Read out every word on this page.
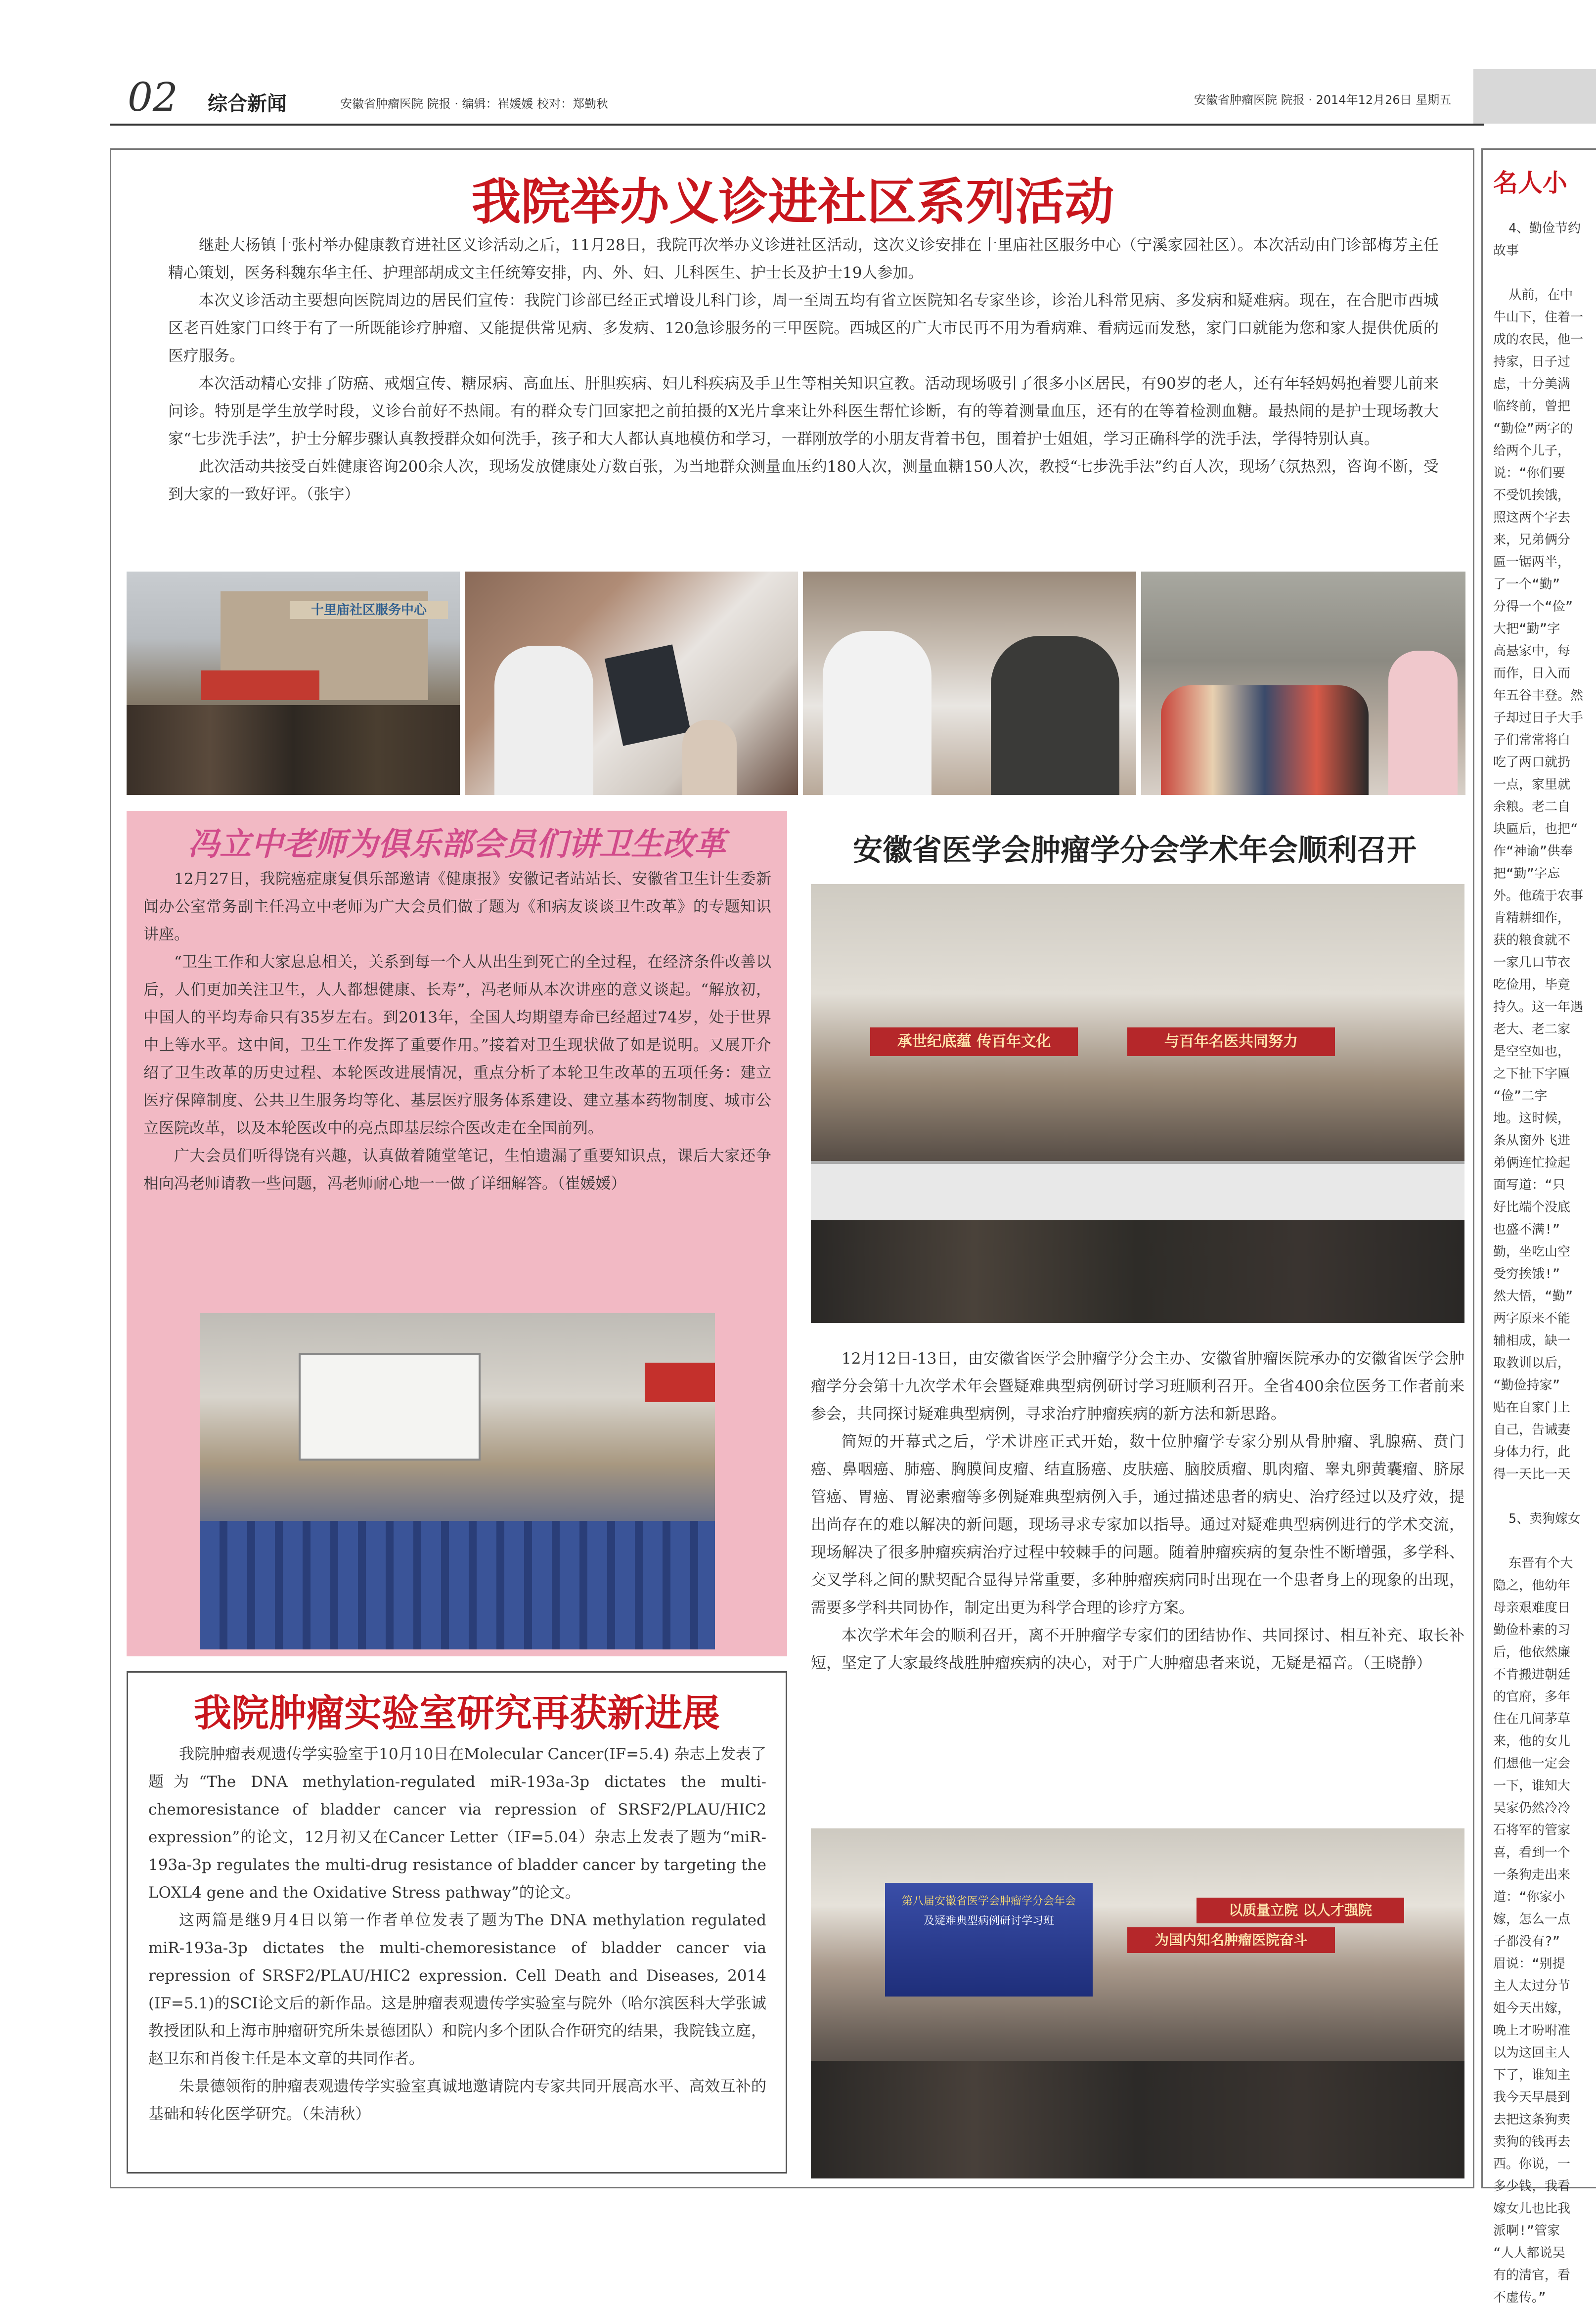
02 综合新闻	安徽省肿瘤医院 院报 · 编辑：崔媛媛 校对：郑勤秋	安徽省肿瘤医院 院报 · 2014年12月26日 星期五
我院举办义诊进社区系列活动

继赴大杨镇十张村举办健康教育进社区义诊活动之后，11月28日，我院再次举办义诊进社区活动，这次义诊安排在十里庙社区服务中心（宁溪家园社区）。本次活动由门诊部梅芳主任精心策划，医务科魏东华主任、护理部胡成文主任统筹安排，内、外、妇、儿科医生、护士长及护士19人参加。

本次义诊活动主要想向医院周边的居民们宣传：我院门诊部已经正式增设儿科门诊，周一至周五均有省立医院知名专家坐诊，诊治儿科常见病、多发病和疑难病。现在，在合肥市西城区老百姓家门口终于有了一所既能诊疗肿瘤、又能提供常见病、多发病、120急诊服务的三甲医院。西城区的广大市民再不用为看病难、看病远而发愁，家门口就能为您和家人提供优质的医疗服务。

本次活动精心安排了防癌、戒烟宣传、糖尿病、高血压、肝胆疾病、妇儿科疾病及手卫生等相关知识宣教。活动现场吸引了很多小区居民，有90岁的老人，还有年轻妈妈抱着婴儿前来问诊。特别是学生放学时段，义诊台前好不热闹。有的群众专门回家把之前拍摄的X光片拿来让外科医生帮忙诊断，有的等着测量血压，还有的在等着检测血糖。最热闹的是护士现场教大家“七步洗手法”，护士分解步骤认真教授群众如何洗手，孩子和大人都认真地模仿和学习，一群刚放学的小朋友背着书包，围着护士姐姐，学习正确科学的洗手法，学得特别认真。

此次活动共接受百姓健康咨询200余人次，现场发放健康处方数百张，为当地群众测量血压约180人次，测量血糖150人次，教授“七步洗手法”约百人次，现场气氛热烈，咨询不断，受到大家的一致好评。（张宇）

十里庙社区服务中心
冯立中老师为俱乐部会员们讲卫生改革

12月27日，我院癌症康复俱乐部邀请《健康报》安徽记者站站长、安徽省卫生计生委新闻办公室常务副主任冯立中老师为广大会员们做了题为《和病友谈谈卫生改革》的专题知识讲座。

“卫生工作和大家息息相关，关系到每一个人从出生到死亡的全过程，在经济条件改善以后，人们更加关注卫生，人人都想健康、长寿”，冯老师从本次讲座的意义谈起。“解放初，中国人的平均寿命只有35岁左右。到2013年，全国人均期望寿命已经超过74岁，处于世界中上等水平。这中间，卫生工作发挥了重要作用。”接着对卫生现状做了如是说明。又展开介绍了卫生改革的历史过程、本轮医改进展情况，重点分析了本轮卫生改革的五项任务：建立医疗保障制度、公共卫生服务均等化、基层医疗服务体系建设、建立基本药物制度、城市公立医院改革，以及本轮医改中的亮点即基层综合医改走在全国前列。

广大会员们听得饶有兴趣，认真做着随堂笔记，生怕遗漏了重要知识点，课后大家还争相向冯老师请教一些问题，冯老师耐心地一一做了详细解答。（崔媛媛）

我院肿瘤实验室研究再获新进展

我院肿瘤表观遗传学实验室于10月10日在Molecular Cancer(IF=5.4) 杂志上发表了题为“The DNA methylation-regulated miR-193a-3p dictates the multi-chemoresistance of bladder cancer via repression of SRSF2/PLAU/HIC2 expression”的论文，12月初又在Cancer Letter（IF=5.04）杂志上发表了题为“miR-193a-3p regulates the multi-drug resistance of bladder cancer by targeting the LOXL4 gene and the Oxidative Stress pathway”的论文。

这两篇是继9月4日以第一作者单位发表了题为The DNA methylation regulated miR-193a-3p dictates the multi-chemoresistance of bladder cancer via repression of SRSF2/PLAU/HIC2 expression. Cell Death and Diseases, 2014 (IF=5.1)的SCI论文后的新作品。这是肿瘤表观遗传学实验室与院外（哈尔滨医科大学张诚教授团队和上海市肿瘤研究所朱景德团队）和院内多个团队合作研究的结果，我院钱立庭，赵卫东和肖俊主任是本文章的共同作者。

朱景德领衔的肿瘤表观遗传学实验室真诚地邀请院内专家共同开展高水平、高效互补的基础和转化医学研究。（朱清秋）

安徽省医学会肿瘤学分会学术年会顺利召开
承世纪底蕴 传百年文化	与百年名医共同努力

12月12日-13日，由安徽省医学会肿瘤学分会主办、安徽省肿瘤医院承办的安徽省医学会肿瘤学分会第十九次学术年会暨疑难典型病例研讨学习班顺利召开。全省400余位医务工作者前来参会，共同探讨疑难典型病例，寻求治疗肿瘤疾病的新方法和新思路。

简短的开幕式之后，学术讲座正式开始，数十位肿瘤学专家分别从骨肿瘤、乳腺癌、贲门癌、鼻咽癌、肺癌、胸膜间皮瘤、结直肠癌、皮肤癌、脑胶质瘤、肌肉瘤、睾丸卵黄囊瘤、脐尿管癌、胃癌、胃泌素瘤等多例疑难典型病例入手，通过描述患者的病史、治疗经过以及疗效，提出尚存在的难以解决的新问题，现场寻求专家加以指导。通过对疑难典型病例进行的学术交流，现场解决了很多肿瘤疾病治疗过程中较棘手的问题。随着肿瘤疾病的复杂性不断增强，多学科、交叉学科之间的默契配合显得异常重要，多种肿瘤疾病同时出现在一个患者身上的现象的出现，需要多学科共同协作，制定出更为科学合理的诊疗方案。

本次学术年会的顺利召开，离不开肿瘤学专家们的团结协作、共同探讨、相互补充、取长补短，坚定了大家最终战胜肿瘤疾病的决心，对于广大肿瘤患者来说，无疑是福音。（王晓静）

第八届安徽省医学会肿瘤学分会年会
及疑难典型病例研讨学习班
以质量立院 以人才强院
为国内知名肿瘤医院奋斗
名人小
4、勤俭节约
故事

从前，在中
牛山下，住着一
成的农民，他一
持家，日子过
虑，十分美满
临终前，曾把
“勤俭”两字的
给两个儿子，
说：“你们要
不受饥挨饿，
照这两个字去
来，兄弟俩分
匾一锯两半，
了一个“勤”
分得一个“俭”
大把“勤”字
高悬家中，每
而作，日入而
年五谷丰登。然
子却过日子大手
子们常常将白
吃了两口就扔
一点，家里就
余粮。老二自
块匾后，也把“
作“神谕”供奉
把“勤”字忘
外。他疏于农事
肯精耕细作，
获的粮食就不
一家几口节衣
吃俭用，毕竟
持久。这一年遇
老大、老二家
是空空如也，
之下扯下字匾
“俭”二字
地。这时候，
条从窗外飞进
弟俩连忙捡起
面写道：“只
好比端个没底
也盛不满!”
勤，坐吃山空
受穷挨饿!”
然大悟，“勤”
两字原来不能
辅相成，缺一
取教训以后，
“勤俭持家”
贴在自家门上
自己，告诫妻
身体力行，此
得一天比一天

5、卖狗嫁女

东晋有个大
隐之，他幼年
母亲艰难度日
勤俭朴素的习
后，他依然廉
不肯搬进朝廷
的官府，多年
住在几间茅草
来，他的女儿
们想他一定会
一下，谁知大
吴家仍然冷冷
石将军的管家
喜，看到一个
一条狗走出来
道：“你家小
嫁，怎么一点
子都没有?”
眉说：“别提
主人太过分节
姐今天出嫁，
晚上才吩咐准
以为这回主人
下了，谁知主
我今天早晨到
去把这条狗卖
卖狗的钱再去
西。你说，一
多少钱，我看
嫁女儿也比我
派啊!”管家
“人人都说吴
有的清官，看
不虚传。”
